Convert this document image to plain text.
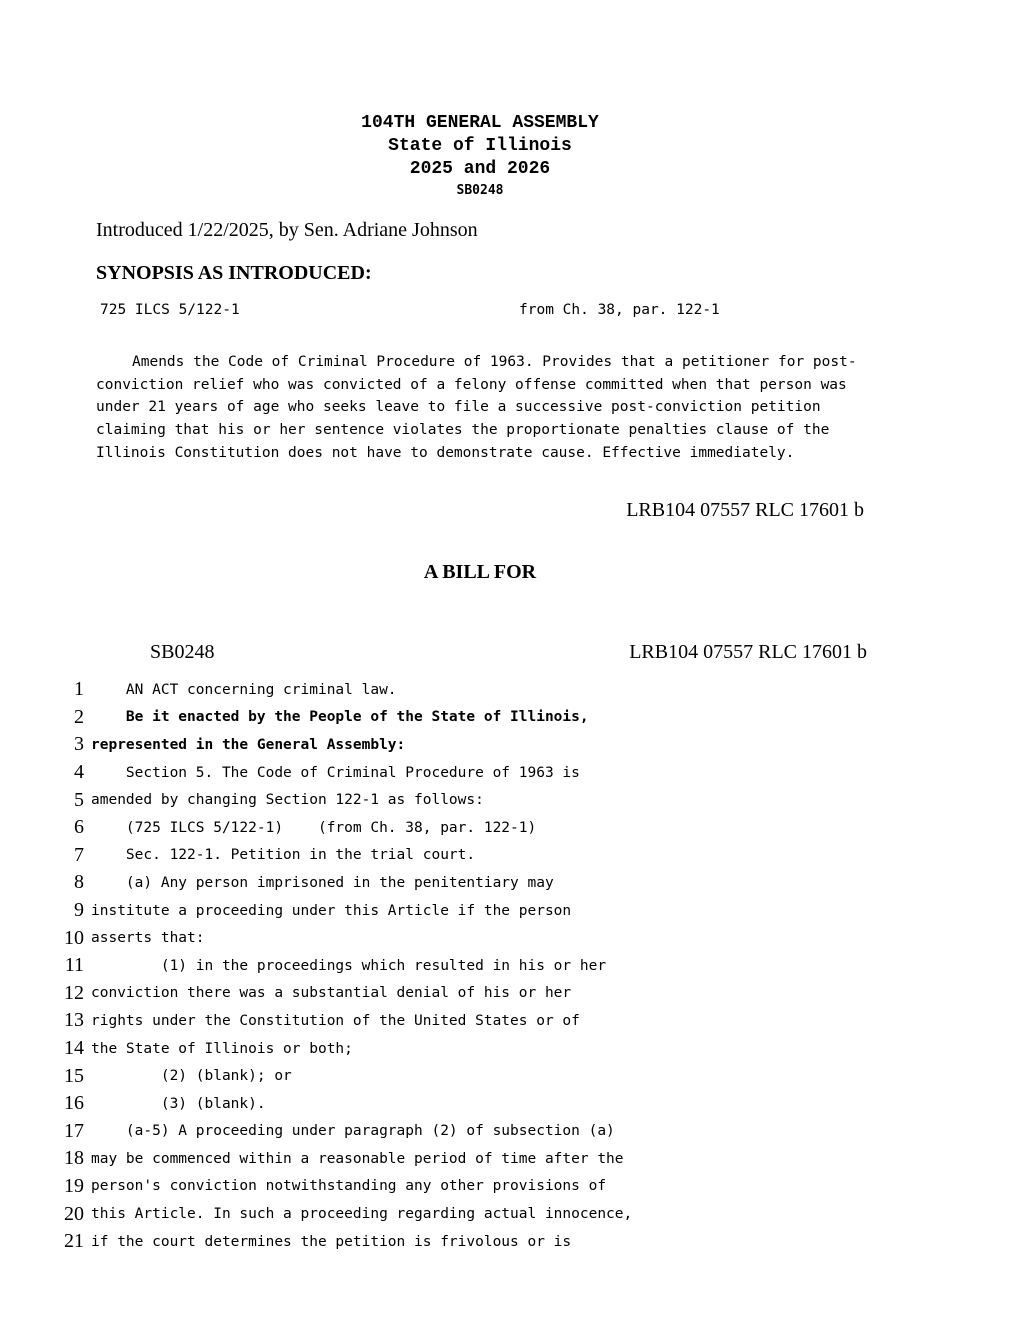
104TH GENERAL ASSEMBLY
State of Illinois
2025 and 2026
SB0248
Introduced 1/22/2025, by Sen. Adriane Johnson
SYNOPSIS AS INTRODUCED:
725 ILCS 5/122-1	from Ch. 38, par. 122-1

Amends the Code of Criminal Procedure of 1963. Provides that a petitioner for post-conviction relief who was convicted of a felony offense committed when that person was under 21 years of age who seeks leave to file a successive post-conviction petition claiming that his or her sentence violates the proportionate penalties clause of the Illinois Constitution does not have to demonstrate cause. Effective immediately.

LRB104 07557 RLC 17601 b
A BILL FOR
SB0248	LRB104 07557 RLC 17601 b
1 AN ACT concerning criminal law.
2 Be it enacted by the People of the State of Illinois,
3 represented in the General Assembly:
4 Section 5. The Code of Criminal Procedure of 1963 is
5 amended by changing Section 122-1 as follows:
6 (725 ILCS 5/122-1)    (from Ch. 38, par. 122-1)
7 Sec. 122-1. Petition in the trial court.
8 (a) Any person imprisoned in the penitentiary may
9 institute a proceeding under this Article if the person
10 asserts that:
11 (1) in the proceedings which resulted in his or her
12 conviction there was a substantial denial of his or her
13 rights under the Constitution of the United States or of
14 the State of Illinois or both;
15 (2) (blank); or
16 (3) (blank).
17 (a-5) A proceeding under paragraph (2) of subsection (a)
18 may be commenced within a reasonable period of time after the
19 person's conviction notwithstanding any other provisions of
20 this Article. In such a proceeding regarding actual innocence,
21 if the court determines the petition is frivolous or is
